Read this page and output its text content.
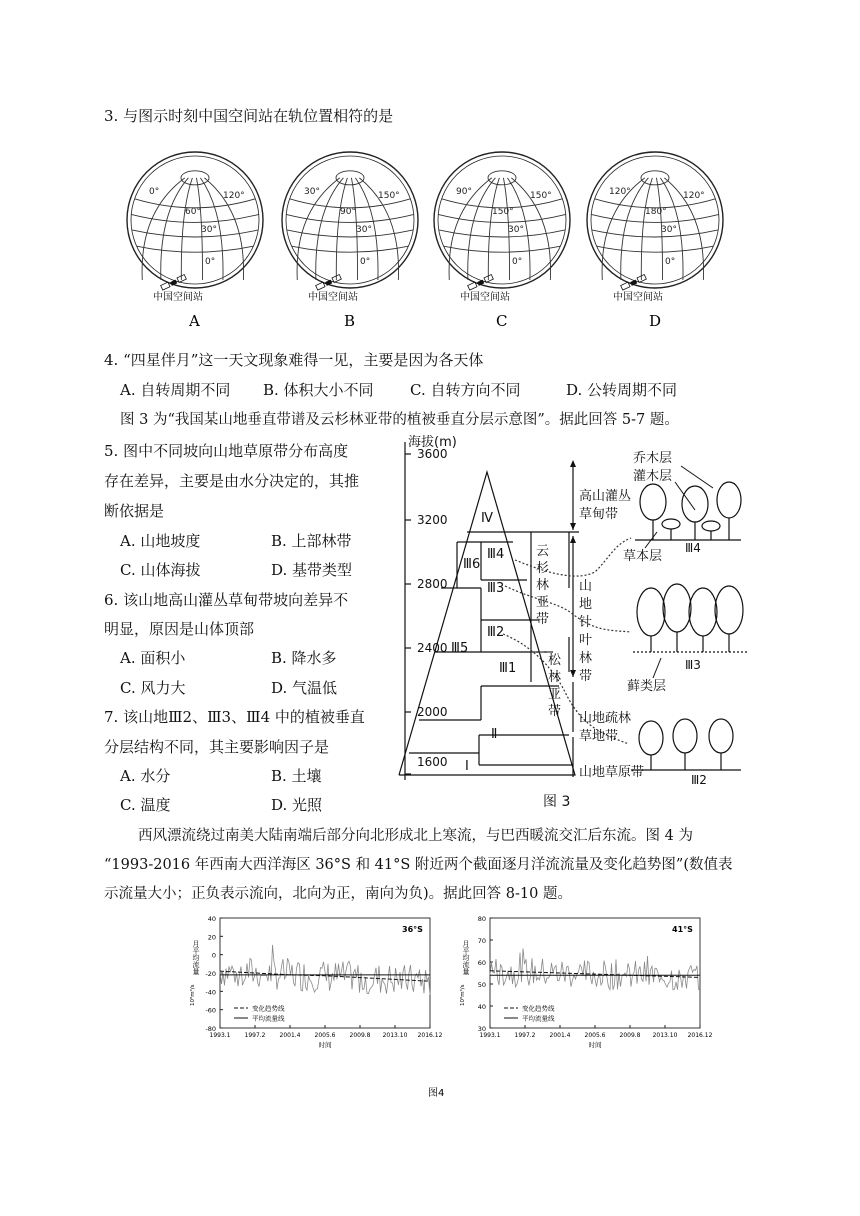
3. 与图示时刻中国空间站在轨位置相符的是
0°
60°
120°
30°
0°
中国空间站
A
30°
90°
150°
30°
0°
中国空间站
B
90°
150°
150°
30°
0°
中国空间站
C
120°
180°
120°
30°
0°
中国空间站
D
4. “四星伴月”这一天文现象难得一见，主要是因为各天体
A. 自转周期不同 B. 体积大小不同 C. 自转方向不同	D. 公转周期不同
图 3 为“我国某山地垂直带谱及云杉林亚带的植被垂直分层示意图”。据此回答 5-7 题。
5. 图中不同坡向山地草原带分布高度
存在差异，主要是由水分决定的，其推
断依据是
A. 山地坡度	B. 上部林带
C. 山体海拔	D. 基带类型
6. 该山地高山灌丛草甸带坡向差异不
明显，原因是山体顶部
A. 面积小	B. 降水多
C. 风力大	D. 气温低
7. 该山地Ⅲ2、Ⅲ3、Ⅲ4 中的植被垂直
分层结构不同，其主要影响因子是
A. 水分	B. 土壤
C. 温度	D. 光照
海拔(m)
3600
3200
2800
2400
2000
1600
Ⅳ
Ⅲ4
Ⅲ6
Ⅲ3
Ⅲ2
Ⅲ5
Ⅲ1
Ⅱ
Ⅰ
云
杉
林
亚
带
松
林
亚
带
山
地
针
叶
林
带
高山灌丛
草甸带
山地疏林
草地带
山地草原带
乔木层
灌木层
草本层
藓类层
Ⅲ4
Ⅲ3
Ⅲ2
图 3
西风漂流绕过南美大陆南端后部分向北形成北上寒流，与巴西暖流交汇后东流。图 4 为
“1993-2016 年西南大西洋海区 36°S 和 41°S 附近两个截面逐月洋流流量及变化趋势图”(数值表
示流量大小；正负表示流向，北向为正，南向为负)。据此回答 8-10 题。
40
20
0
-20
-40
-60
-80
1993.1 1997.2 2001.4 2005.6 2009.8 2013.10 2016.12
时间
36°S
月平均流量
10⁶m³/s
变化趋势线
平均流量线
80
70
60
50
40
30
1993.1 1997.2 2001.4 2005.6 2009.8 2013.10 2016.12
时间
41°S
月平均流量
10⁶m³/s
变化趋势线
平均流量线
图4
